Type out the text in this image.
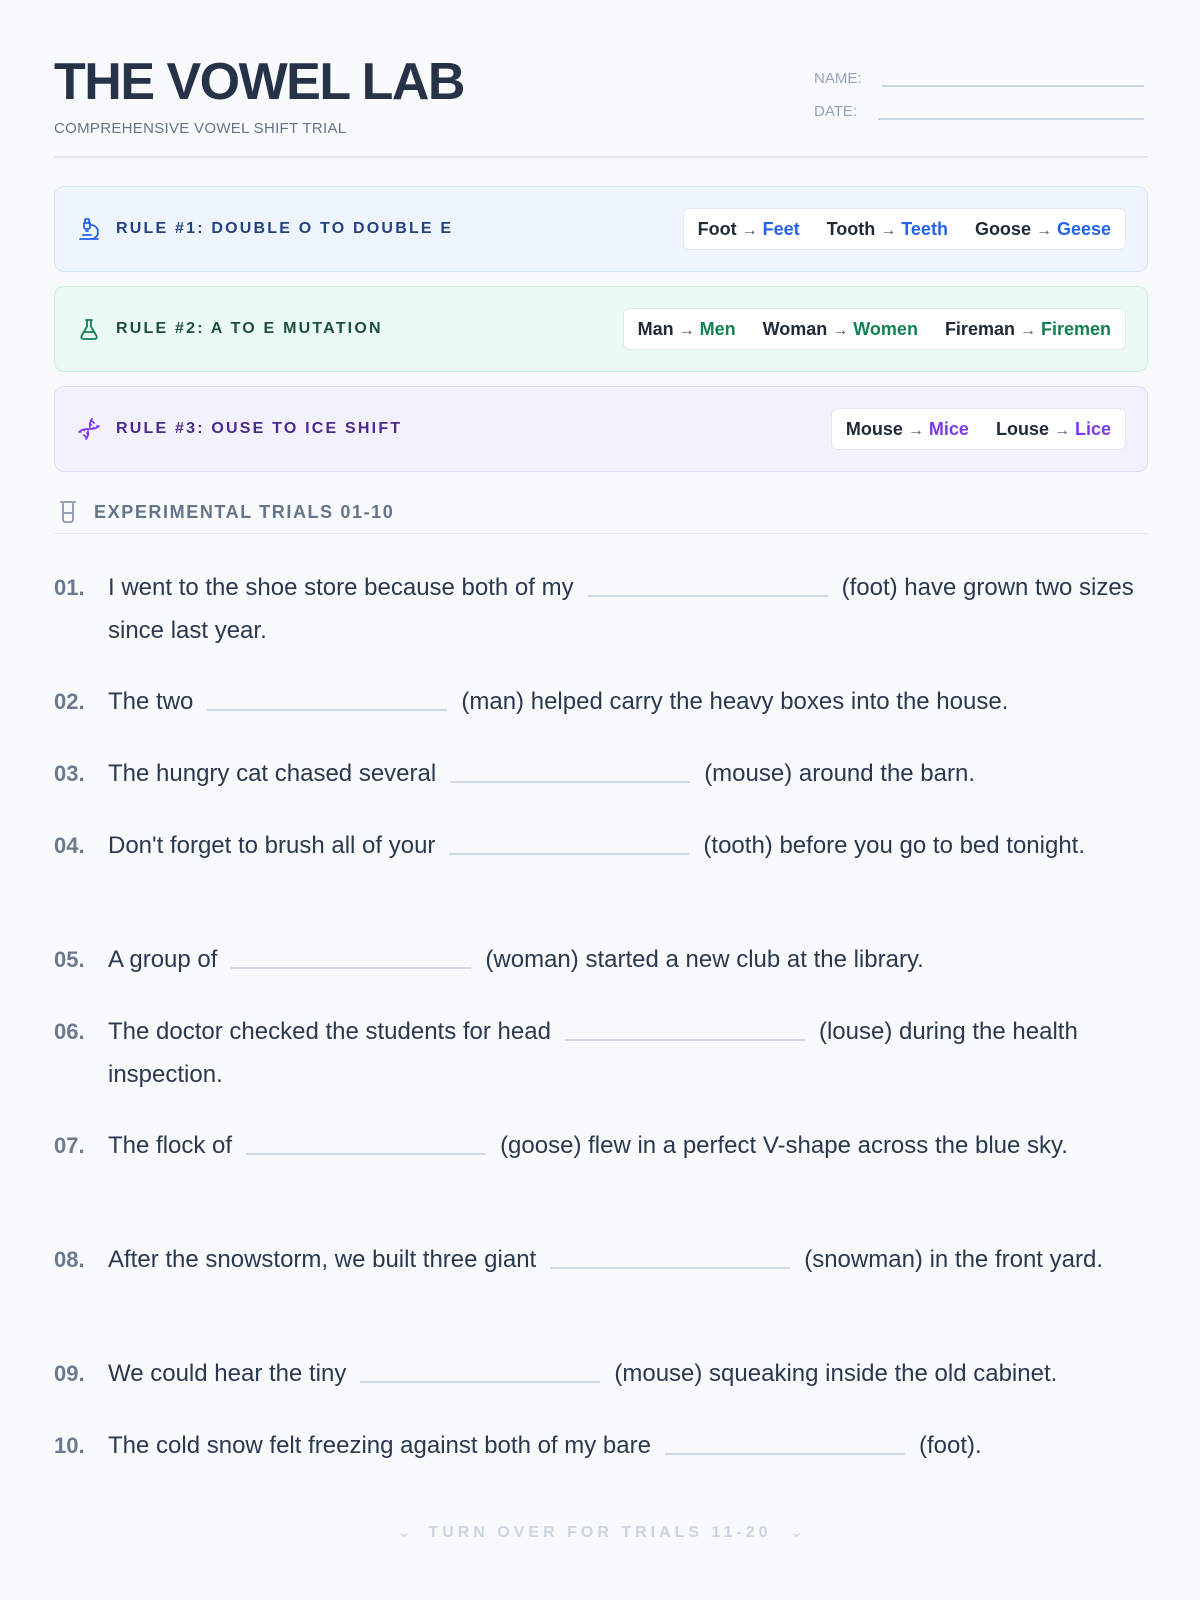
THE VOWEL LAB
COMPREHENSIVE VOWEL SHIFT TRIAL
NAME:
DATE:
RULE #1: DOUBLE O TO DOUBLE E	Foot → Feet Tooth → Teeth Goose → Geese
RULE #2: A TO E MUTATION	Man → Men Woman → Women Fireman → Firemen
RULE #3: OUSE TO ICE SHIFT	Mouse → Mice Louse → Lice
EXPERIMENTAL TRIALS 01-10
01. I went to the shoe store because both of my	(foot) have grown two sizes since last year.
02. The two	(man) helped carry the heavy boxes into the house.
03. The hungry cat chased several	(mouse) around the barn.
04. Don't forget to brush all of your	(tooth) before you go to bed tonight.
05. A group of	(woman) started a new club at the library.
06. The doctor checked the students for head	(louse) during the health inspection.
07. The flock of	(goose) flew in a perfect V-shape across the blue sky.
08. After the snowstorm, we built three giant	(snowman) in the front yard.
09. We could hear the tiny	(mouse) squeaking inside the old cabinet.
10. The cold snow felt freezing against both of my bare	(foot).
⌄ TURN OVER FOR TRIALS 11-20 ⌄
